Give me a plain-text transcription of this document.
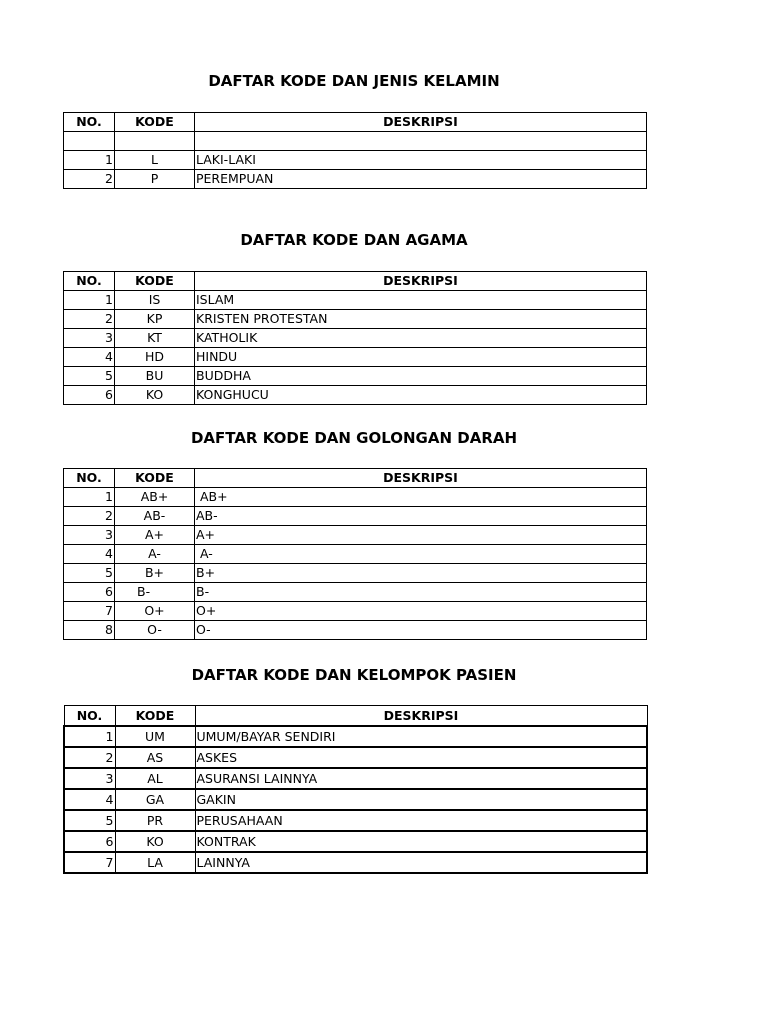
DAFTAR KODE DAN JENIS KELAMIN
NO.	KODE	DESKRIPSI

1	L	LAKI-LAKI
2	P	PEREMPUAN
DAFTAR KODE DAN AGAMA
NO.	KODE	DESKRIPSI
1	IS	ISLAM
2	KP	KRISTEN PROTESTAN
3	KT	KATHOLIK
4	HD	HINDU
5	BU	BUDDHA
6	KO	KONGHUCU
DAFTAR KODE DAN GOLONGAN DARAH
NO.	KODE	DESKRIPSI
1	AB+	AB+
2	AB-	AB-
3	A+	A+
4	A-	A-
5	B+	B+
6	B-	B-
7	O+	O+
8	O-	O-
DAFTAR KODE DAN KELOMPOK PASIEN
NO.	KODE	DESKRIPSI
1	UM	UMUM/BAYAR SENDIRI
2	AS	ASKES
3	AL	ASURANSI LAINNYA
4	GA	GAKIN
5	PR	PERUSAHAAN
6	KO	KONTRAK
7	LA	LAINNYA
